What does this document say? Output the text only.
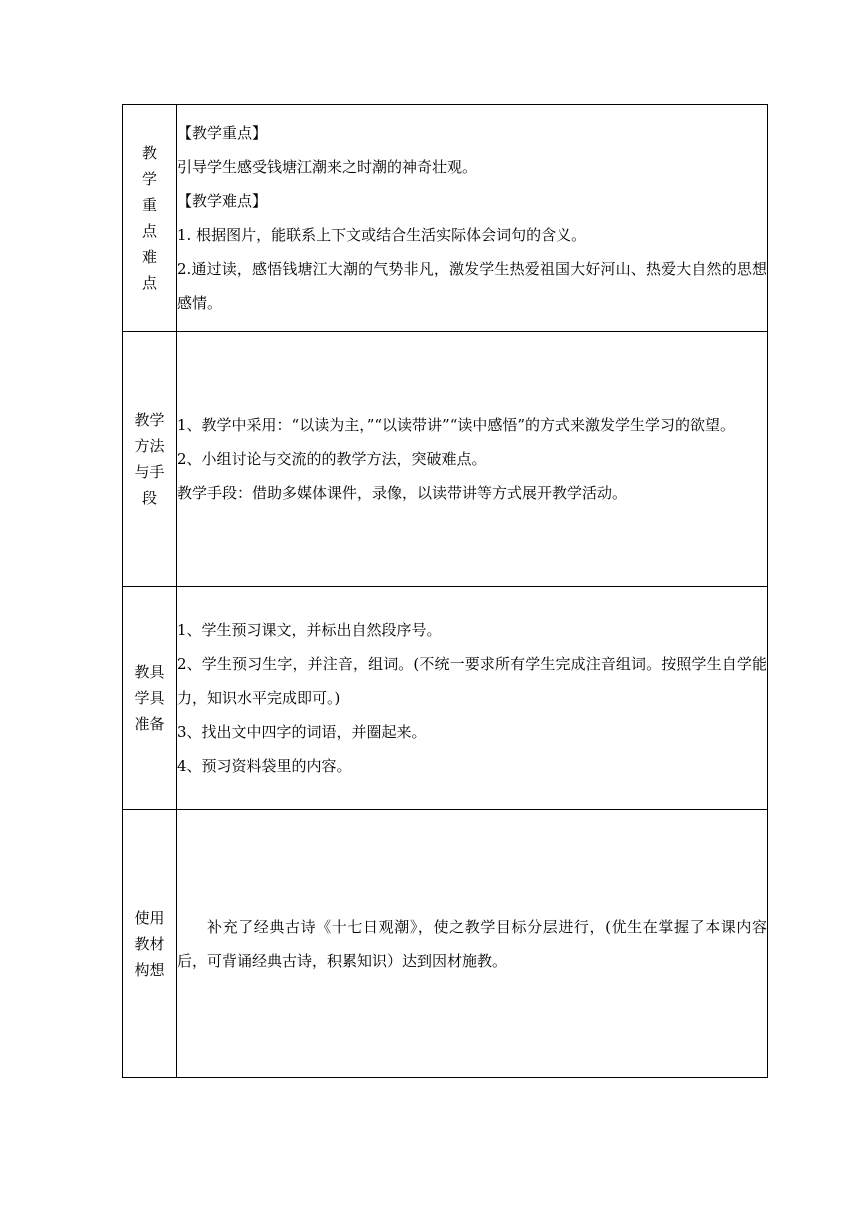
教学重点难点	【教学重点】
引导学生感受钱塘江潮来之时潮的神奇壮观。
【教学难点】
1. 根据图片，能联系上下文或结合生活实际体会词句的含义。
2.通过读，感悟钱塘江大潮的气势非凡，激发学生热爱祖国大好河山、热爱大自然的思想感情。

教学方法与手段	1、教学中采用：“以读为主，”“以读带讲”“读中感悟”的方式来激发学生学习的欲望。
2、小组讨论与交流的的教学方法，突破难点。
教学手段：借助多媒体课件，录像，以读带讲等方式展开教学活动。

教具学具准备	1、学生预习课文，并标出自然段序号。
2、学生预习生字，并注音，组词。(不统一要求所有学生完成注音组词。按照学生自学能力，知识水平完成即可。)
3、找出文中四字的词语，并圈起来。
4、预习资料袋里的内容。

使用教材构想	补充了经典古诗《十七日观潮》，使之教学目标分层进行，(优生在掌握了本课内容后，可背诵经典古诗，积累知识）达到因材施教。
